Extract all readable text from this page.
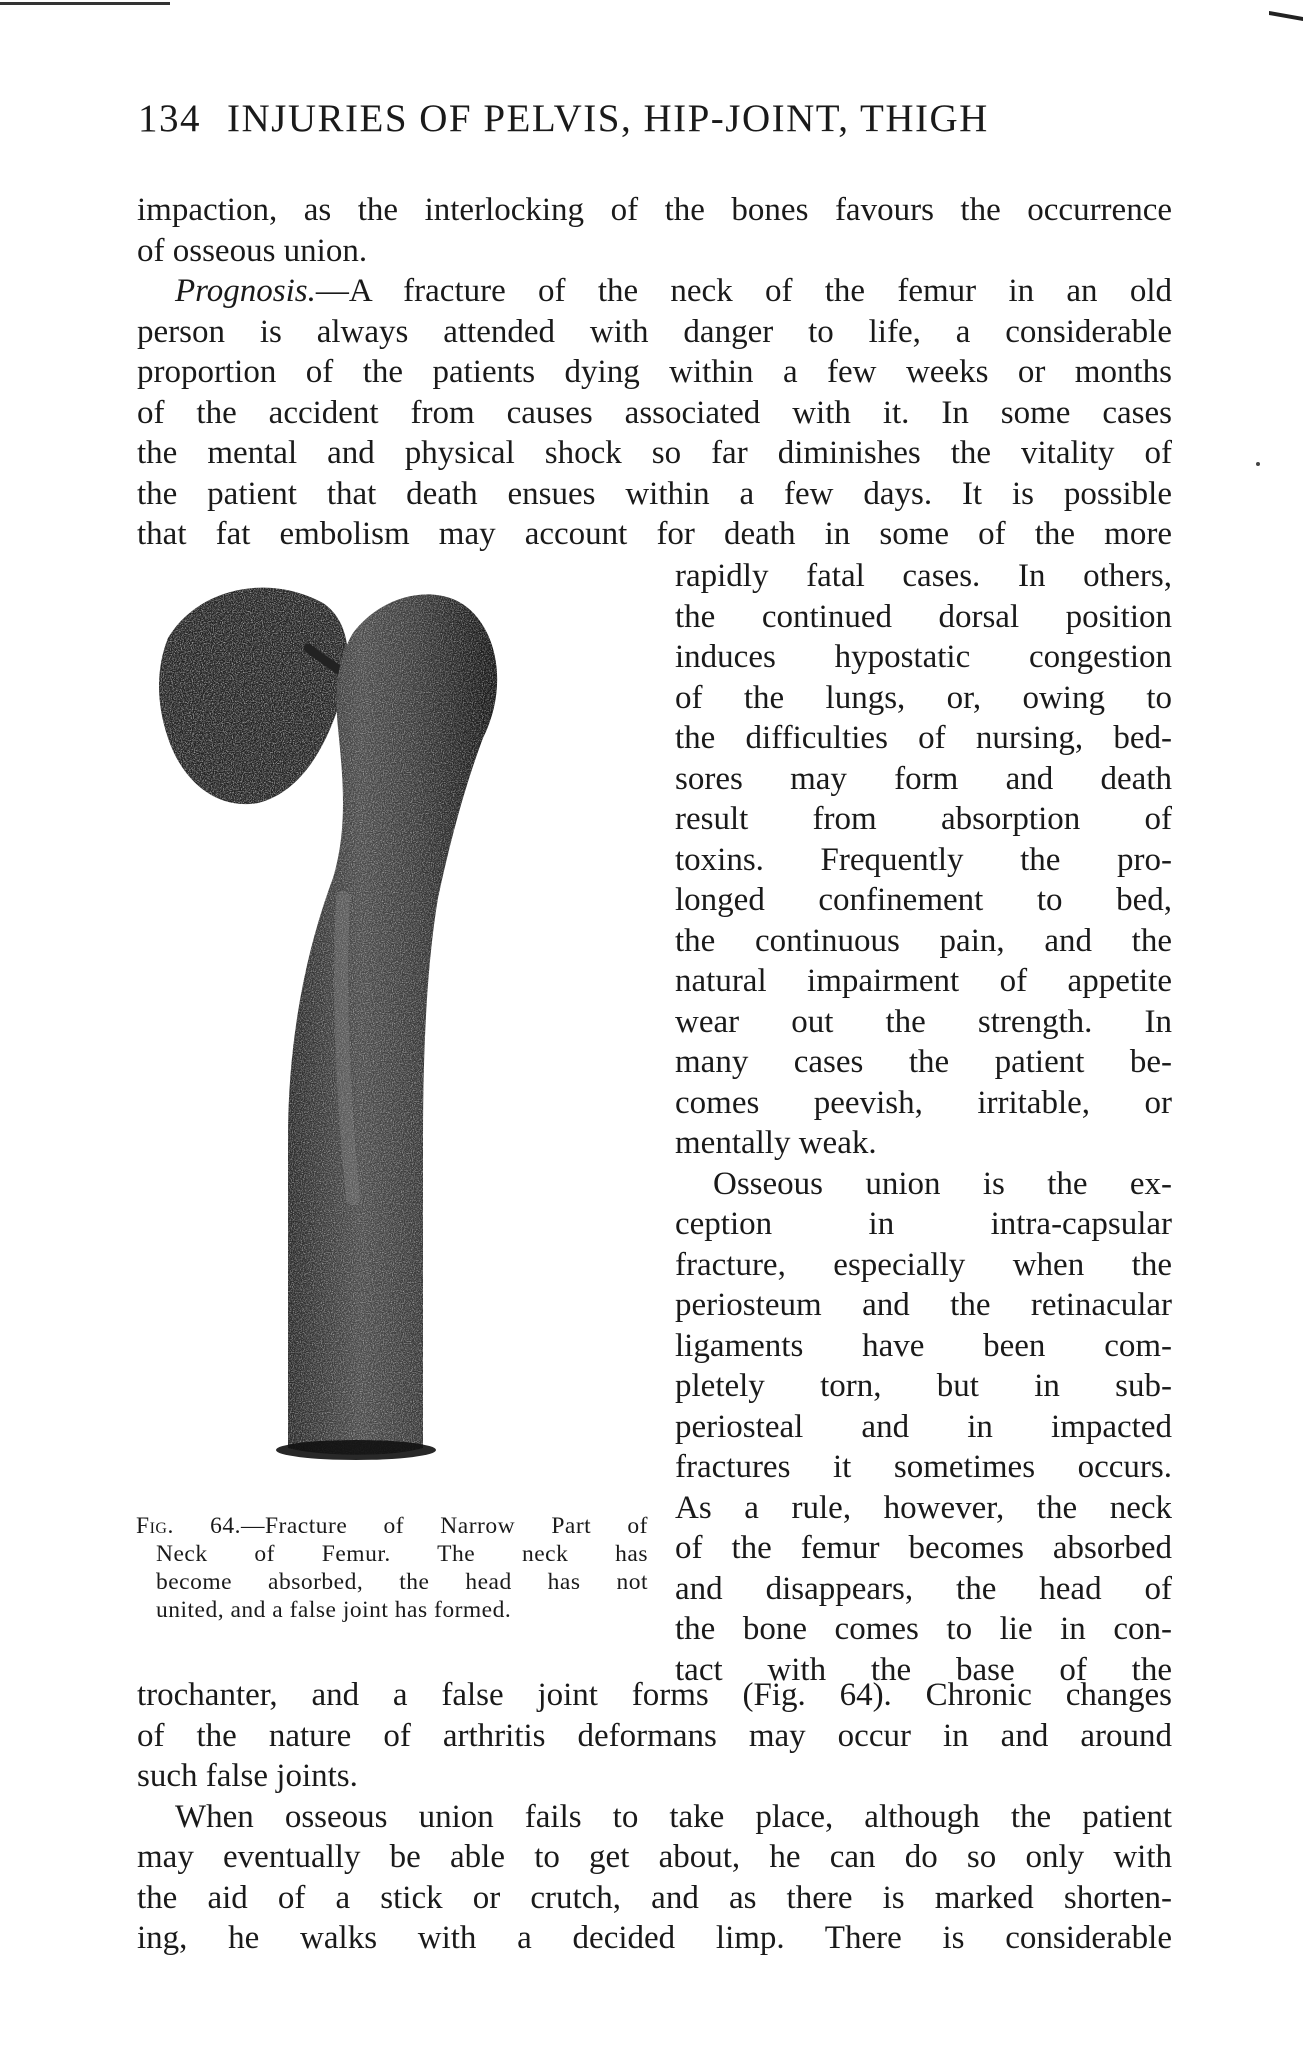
134 INJURIES OF PELVIS, HIP-JOINT, THIGH
impaction, as the interlocking of the bones favours the occurrence
of osseous union.
Prognosis.—A fracture of the neck of the femur in an old
person is always attended with danger to life, a considerable
proportion of the patients dying within a few weeks or months
of the accident from causes associated with it. In some cases
the mental and physical shock so far diminishes the vitality of
the patient that death ensues within a few days. It is possible
that fat embolism may account for death in some of the more
rapidly fatal cases. In others,
the continued dorsal position
induces hypostatic congestion
of the lungs, or, owing to
the difficulties of nursing, bed-
sores may form and death
result from absorption of
toxins. Frequently the pro-
longed confinement to bed,
the continuous pain, and the
natural impairment of appetite
wear out the strength. In
many cases the patient be-
comes peevish, irritable, or
mentally weak.
Osseous union is the ex-
ception in intra-capsular
fracture, especially when the
periosteum and the retinacular
ligaments have been com-
pletely torn, but in sub-
periosteal and in impacted
fractures it sometimes occurs.
As a rule, however, the neck
of the femur becomes absorbed
and disappears, the head of
the bone comes to lie in con-
tact with the base of the
Fig. 64.—Fracture of Narrow Part of
Neck of Femur. The neck has
become absorbed, the head has not
united, and a false joint has formed.
trochanter, and a false joint forms (Fig. 64). Chronic changes
of the nature of arthritis deformans may occur in and around
such false joints.
When osseous union fails to take place, although the patient
may eventually be able to get about, he can do so only with
the aid of a stick or crutch, and as there is marked shorten-
ing, he walks with a decided limp. There is considerable
